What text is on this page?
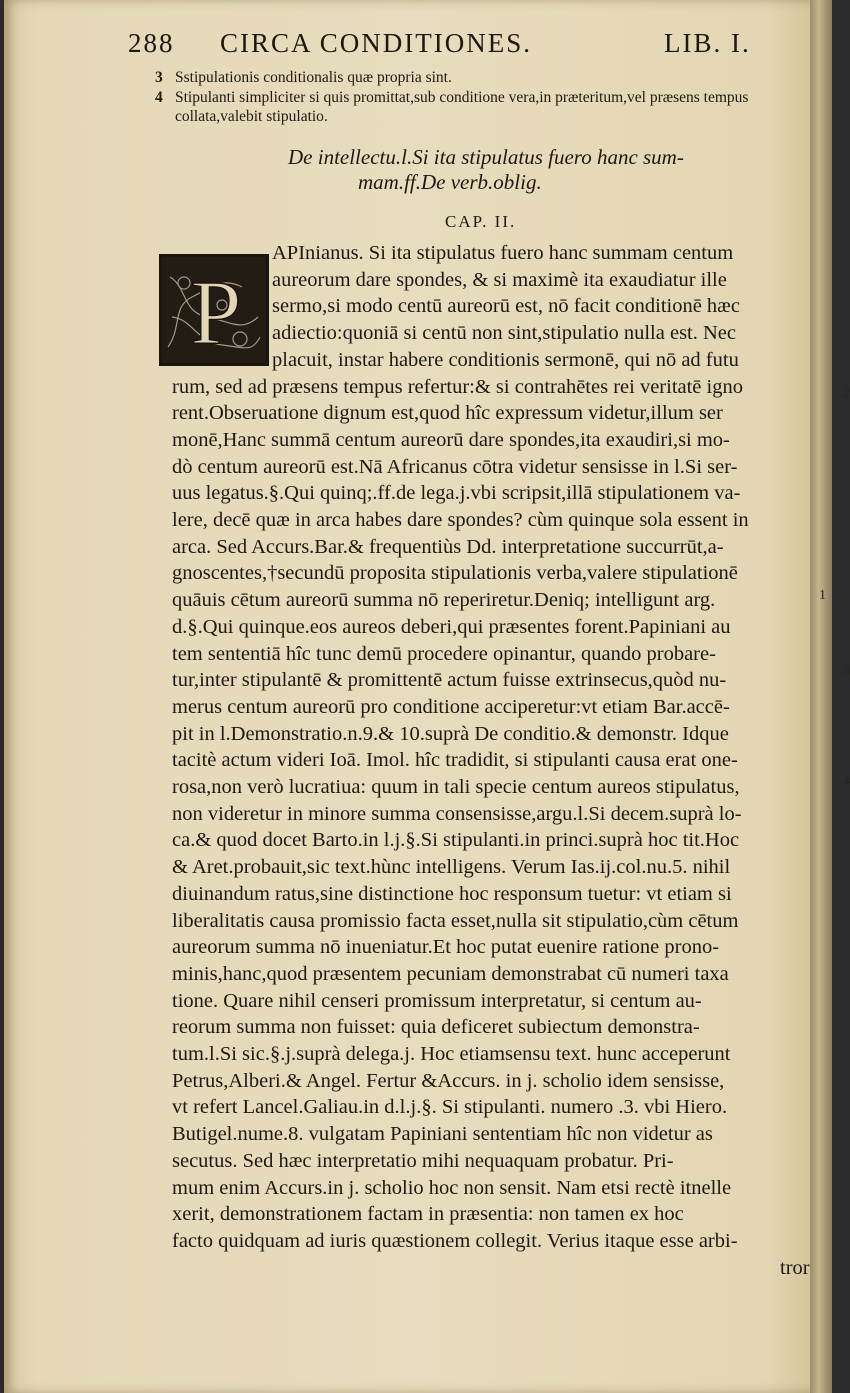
2
1
3
4
288 CIRCA CONDITIONES.	LIB. I.
3 Sstipulationis conditionalis quæ propria sint.
4 Stipulanti simpliciter si quis promittat,sub conditione vera,in præteritum,vel præsens tempus collata,valebit stipulatio.
De intellectu.l.Si ita stipulatus fuero hanc sum-
mam.ff.De verb.oblig.
CAP. II.
P
APInianus. Si ita stipulatus fuero hanc summam centum
aureorum dare spondes, & si maximè ita exaudiatur ille
sermo,si modo centū aureorū est, nō facit conditionē hæc
adiectio:quoniā si centū non sint,stipulatio nulla est. Nec
placuit, instar habere conditionis sermonē, qui nō ad futu
rum, sed ad præsens tempus refertur:& si contrahētes rei veritatē igno
rent.Obseruatione dignum est,quod hîc expressum videtur,illum ser
monē,Hanc summā centum aureorū dare spondes,ita exaudiri,si mo-
dò centum aureorū est.Nā Africanus cōtra videtur sensisse in l.Si ser-
uus legatus.§.Qui quinq;.ff.de lega.j.vbi scripsit,illā stipulationem va-
lere, decē quæ in arca habes dare spondes? cùm quinque sola essent in
arca. Sed Accurs.Bar.& frequentiùs Dd. interpretatione succurrūt,a-
gnoscentes,†secundū proposita stipulationis verba,valere stipulationē
quāuis cētum aureorū summa nō reperiretur.Deniq; intelligunt arg.
d.§.Qui quinque.eos aureos deberi,qui præsentes forent.Papiniani au
tem sententiā hîc tunc demū procedere opinantur, quando probare-
tur,inter stipulantē & promittentē actum fuisse extrinsecus,quòd nu-
merus centum aureorū pro conditione acciperetur:vt etiam Bar.accē-
pit in l.Demonstratio.n.9.& 10.suprà De conditio.& demonstr. Idque
tacitè actum videri Ioā. Imol. hîc tradidit, si stipulanti causa erat one-
rosa,non verò lucratiua: quum in tali specie centum aureos stipulatus,
non videretur in minore summa consensisse,argu.l.Si decem.suprà lo-
ca.& quod docet Barto.in l.j.§.Si stipulanti.in princi.suprà hoc tit.Hoc
& Aret.probauit,sic text.hùnc intelligens. Verum Ias.ij.col.nu.5. nihil
diuinandum ratus,sine distinctione hoc responsum tuetur: vt etiam si
liberalitatis causa promissio facta esset,nulla sit stipulatio,cùm cētum
aureorum summa nō inueniatur.Et hoc putat euenire ratione prono-
minis,hanc,quod præsentem pecuniam demonstrabat cū numeri taxa
tione. Quare nihil censeri promissum interpretatur, si centum au-
reorum summa non fuisset: quia deficeret subiectum demonstra-
tum.l.Si sic.§.j.suprà delega.j. Hoc etiamsensu text. hunc acceperunt
Petrus,Alberi.& Angel. Fertur &Accurs. in j. scholio idem sensisse,
vt refert Lancel.Galiau.in d.l.j.§. Si stipulanti. numero .3. vbi Hiero.
Butigel.nume.8. vulgatam Papiniani sententiam hîc non videtur as
secutus. Sed hæc interpretatio mihi nequaquam probatur. Pri-
mum enim Accurs.in j. scholio hoc non sensit. Nam etsi rectè itnelle
xerit, demonstrationem factam in præsentia: non tamen ex hoc
facto quidquam ad iuris quæstionem collegit. Verius itaque esse arbi-
tror
